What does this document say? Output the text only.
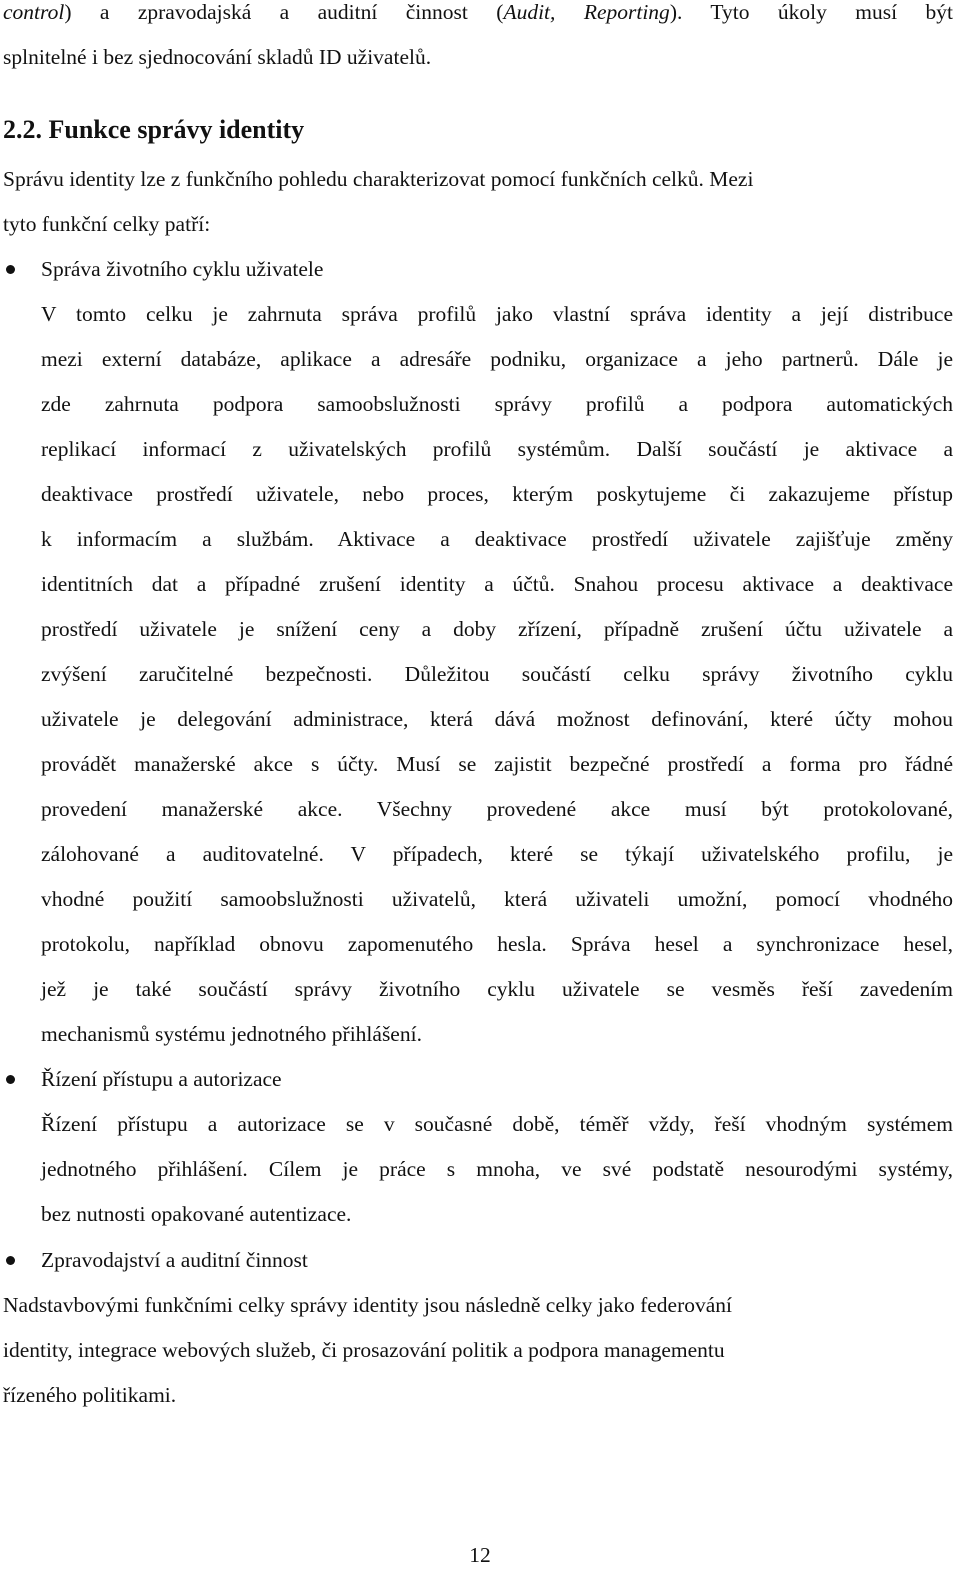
control) a zpravodajská a auditní činnost (Audit, Reporting). Tyto úkoly musí být
splnitelné i bez sjednocování skladů ID uživatelů.
2.2. Funkce správy identity
Správu identity lze z funkčního pohledu charakterizovat pomocí funkčních celků. Mezi
tyto funkční celky patří:
Správa životního cyklu uživatele
V tomto celku je zahrnuta správa profilů jako vlastní správa identity a její distribuce
mezi externí databáze, aplikace a adresáře podniku, organizace a jeho partnerů. Dále je
zde zahrnuta podpora samoobslužnosti správy profilů a podpora automatických
replikací informací z uživatelských profilů systémům. Další součástí je aktivace a
deaktivace prostředí uživatele, nebo proces, kterým poskytujeme či zakazujeme přístup
k informacím a službám. Aktivace a deaktivace prostředí uživatele zajišťuje změny
identitních dat a případné zrušení identity a účtů. Snahou procesu aktivace a deaktivace
prostředí uživatele je snížení ceny a doby zřízení, případně zrušení účtu uživatele a
zvýšení zaručitelné bezpečnosti. Důležitou součástí celku správy životního cyklu
uživatele je delegování administrace, která dává možnost definování, které účty mohou
provádět manažerské akce s účty. Musí se zajistit bezpečné prostředí a forma pro řádné
provedení manažerské akce. Všechny provedené akce musí být protokolované,
zálohované a auditovatelné. V případech, které se týkají uživatelského profilu, je
vhodné použití samoobslužnosti uživatelů, která uživateli umožní, pomocí vhodného
protokolu, například obnovu zapomenutého hesla. Správa hesel a synchronizace hesel,
jež je také součástí správy životního cyklu uživatele se vesměs řeší zavedením
mechanismů systému jednotného přihlášení.
Řízení přístupu a autorizace
Řízení přístupu a autorizace se v současné době, téměř vždy, řeší vhodným systémem
jednotného přihlášení. Cílem je práce s mnoha, ve své podstatě nesourodými systémy,
bez nutnosti opakované autentizace.
Zpravodajství a auditní činnost
Nadstavbovými funkčními celky správy identity jsou následně celky jako federování
identity, integrace webových služeb, či prosazování politik a podpora managementu
řízeného politikami.
12
